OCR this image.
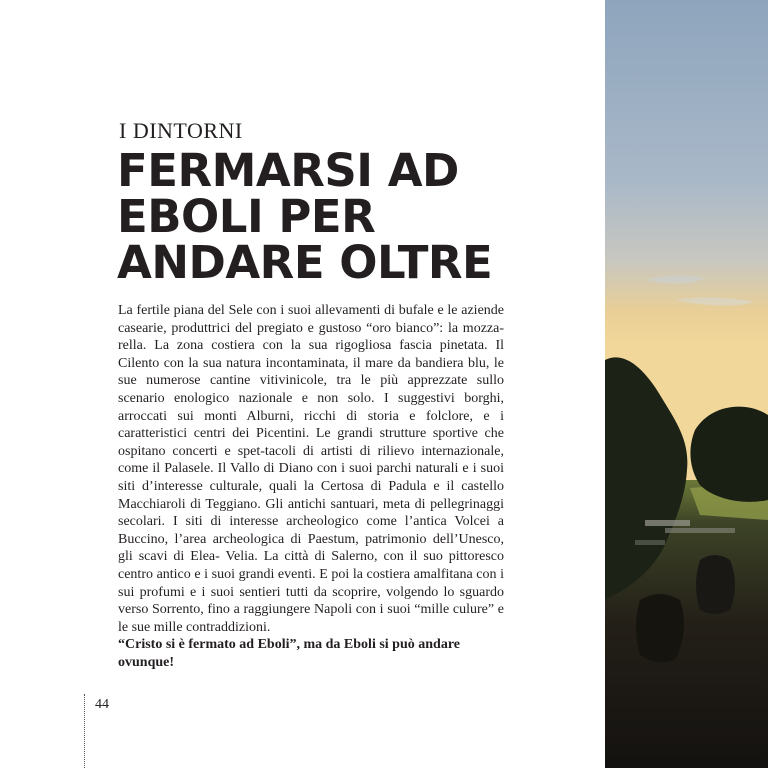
I DINTORNI
FERMARSI AD
EBOLI PER
ANDARE OLTRE

La fertile piana del Sele con i suoi allevamenti di bufale e le aziende casearie, produttrici del pregiato e gustoso “oro bianco”: la mozza-rella. La zona costiera con la sua rigogliosa fascia pinetata. Il Cilento con la sua natura incontaminata, il mare da bandiera blu, le sue numerose cantine vitivinicole, tra le più apprezzate sullo scenario enologico nazionale e non solo. I suggestivi borghi, arroccati sui monti Alburni, ricchi di storia e folclore, e i caratteristici centri dei Picentini. Le grandi strutture sportive che ospitano concerti e spet-tacoli di artisti di rilievo internazionale, come il Palasele. Il Vallo di Diano con i suoi parchi naturali e i suoi siti d’interesse culturale, quali la Certosa di Padula e il castello Macchiaroli di Teggiano. Gli antichi santuari, meta di pellegrinaggi secolari. I siti di interesse archeologico come l’antica Volcei a Buccino, l’area archeologica di Paestum, patrimonio dell’Unesco, gli scavi di Elea- Velia. La città di Salerno, con il suo pittoresco centro antico e i suoi grandi eventi. E poi la costiera amalfitana con i sui profumi e i suoi sentieri tutti da scoprire, volgendo lo sguardo verso Sorrento, fino a raggiungere Napoli con i suoi “mille culure” e le sue mille contraddizioni.

“Cristo si è fermato ad Eboli”, ma da Eboli si può andare ovunque!

44
